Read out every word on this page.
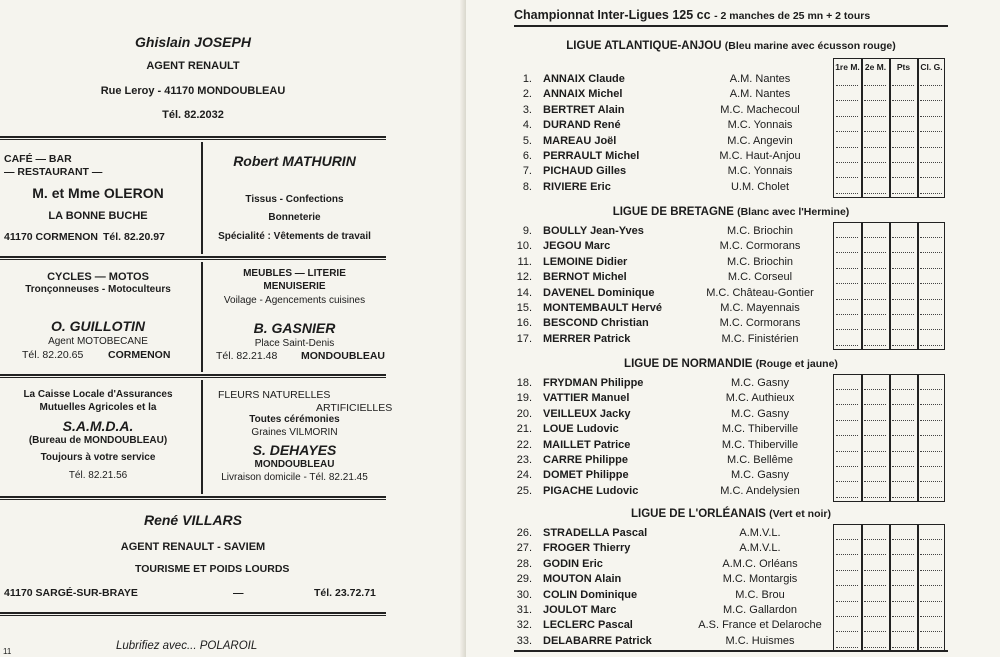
Ghislain JOSEPH
AGENT RENAULT
Rue Leroy - 41170 MONDOUBLEAU
Tél. 82.2032
CAFÉ — BAR
— RESTAURANT —
M. et Mme OLERON
LA BONNE BUCHE
41170 CORMENON Tél. 82.20.97
Robert MATHURIN
Tissus - Confections
Bonneterie
Spécialité : Vêtements de travail
CYCLES — MOTOS
Tronçonneuses - Motoculteurs
O. GUILLOTIN
Agent MOTOBECANE
Tél. 82.20.65 CORMENON
MEUBLES — LITERIE
MENUISERIE
Voilage - Agencements cuisines
B. GASNIER
Place Saint-Denis
Tél. 82.21.48 MONDOUBLEAU
La Caisse Locale d'Assurances
Mutuelles Agricoles et la
S.A.M.D.A.
(Bureau de MONDOUBLEAU)
Toujours à votre service
Tél. 82.21.56
FLEURS NATURELLES
ARTIFICIELLES
Toutes cérémonies
Graines VILMORIN
S. DEHAYES
MONDOUBLEAU
Livraison domicile - Tél. 82.21.45
René VILLARS
AGENT RENAULT - SAVIEM
TOURISME ET POIDS LOURDS
41170 SARGÉ-SUR-BRAYE	—	Tél. 23.72.71
11	Lubrifiez avec... POLAROIL
Championnat Inter-Ligues 125 cc - 2 manches de 25 mn + 2 tours
1re M. 2e M.	Pts	Cl. G.
LIGUE ATLANTIQUE-ANJOU (Bleu marine avec écusson rouge)
1. ANNAIX Claude	A.M. Nantes
2. ANNAIX Michel	A.M. Nantes
3. BERTRET Alain	M.C. Machecoul
4. DURAND René	M.C. Yonnais
5. MAREAU Joël	M.C. Angevin
6. PERRAULT Michel	M.C. Haut-Anjou
7. PICHAUD Gilles	M.C. Yonnais
8. RIVIERE Eric	U.M. Cholet
LIGUE DE BRETAGNE (Blanc avec l'Hermine)
9. BOULLY Jean-Yves	M.C. Briochin
10. JEGOU Marc	M.C. Cormorans
11. LEMOINE Didier	M.C. Briochin
12. BERNOT Michel	M.C. Corseul
14. DAVENEL Dominique	M.C. Château-Gontier
15. MONTEMBAULT Hervé	M.C. Mayennais
16. BESCOND Christian	M.C. Cormorans
17. MERRER Patrick	M.C. Finistérien
LIGUE DE NORMANDIE (Rouge et jaune)
18. FRYDMAN Philippe	M.C. Gasny
19. VATTIER Manuel	M.C. Authieux
20. VEILLEUX Jacky	M.C. Gasny
21. LOUE Ludovic	M.C. Thiberville
22. MAILLET Patrice	M.C. Thiberville
23. CARRE Philippe	M.C. Bellême
24. DOMET Philippe	M.C. Gasny
25. PIGACHE Ludovic	M.C. Andelysien
LIGUE DE L'ORLÉANAIS (Vert et noir)
26. STRADELLA Pascal	A.M.V.L.
27. FROGER Thierry	A.M.V.L.
28. GODIN Eric	A.M.C. Orléans
29. MOUTON Alain	M.C. Montargis
30. COLIN Dominique	M.C. Brou
31. JOULOT Marc	M.C. Gallardon
32. LECLERC Pascal	A.S. France et Delaroche
33. DELABARRE Patrick	M.C. Huismes
